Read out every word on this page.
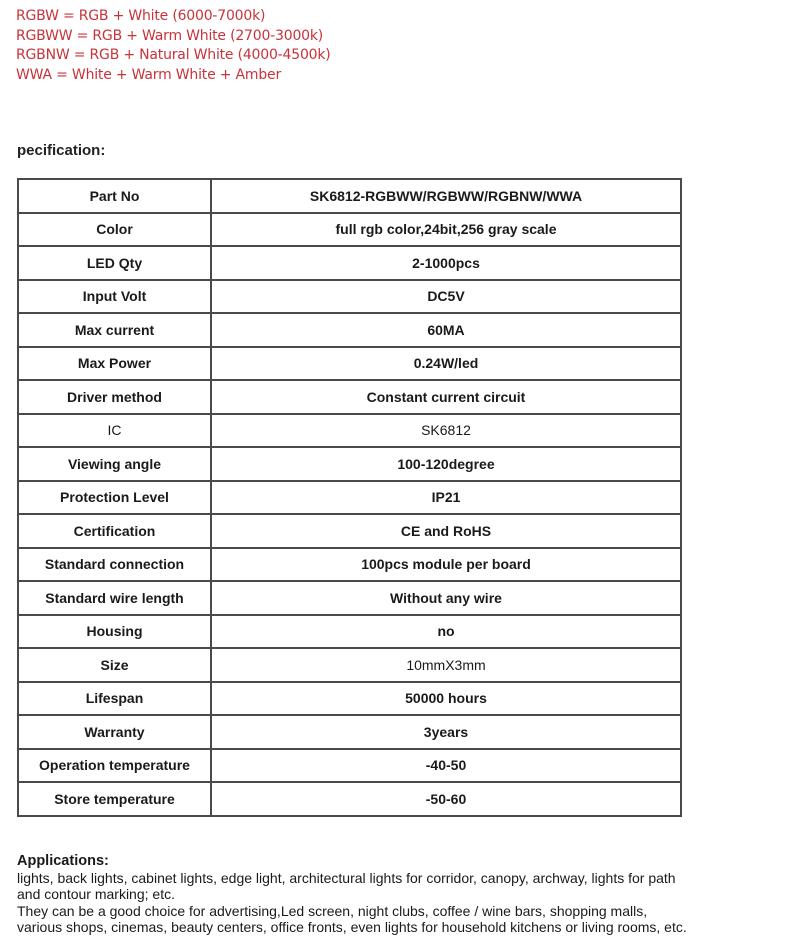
RGBW = RGB + White (6000-7000k)
RGBWW = RGB + Warm White (2700-3000k)
RGBNW = RGB + Natural White (4000-4500k)
WWA = White + Warm White + Amber
pecification:
Part No	SK6812-RGBWW/RGBWW/RGBNW/WWA
Color	full rgb color,24bit,256 gray scale
LED Qty	2-1000pcs
Input Volt	DC5V
Max current	60MA
Max Power	0.24W/led
Driver method	Constant current circuit
IC	SK6812
Viewing angle	100-120degree
Protection Level	IP21
Certification	CE and RoHS
Standard connection	100pcs module per board
Standard wire length	Without any wire
Housing	no
Size	10mmX3mm
Lifespan	50000 hours
Warranty	3years
Operation temperature	-40-50
Store temperature	-50-60
Applications:
lights, back lights, cabinet lights, edge light, architectural lights for corridor, canopy, archway, lights for path
and contour marking; etc.
They can be a good choice for advertising,Led screen, night clubs, coffee / wine bars, shopping malls,
various shops, cinemas, beauty centers, office fronts, even lights for household kitchens or living rooms, etc.
